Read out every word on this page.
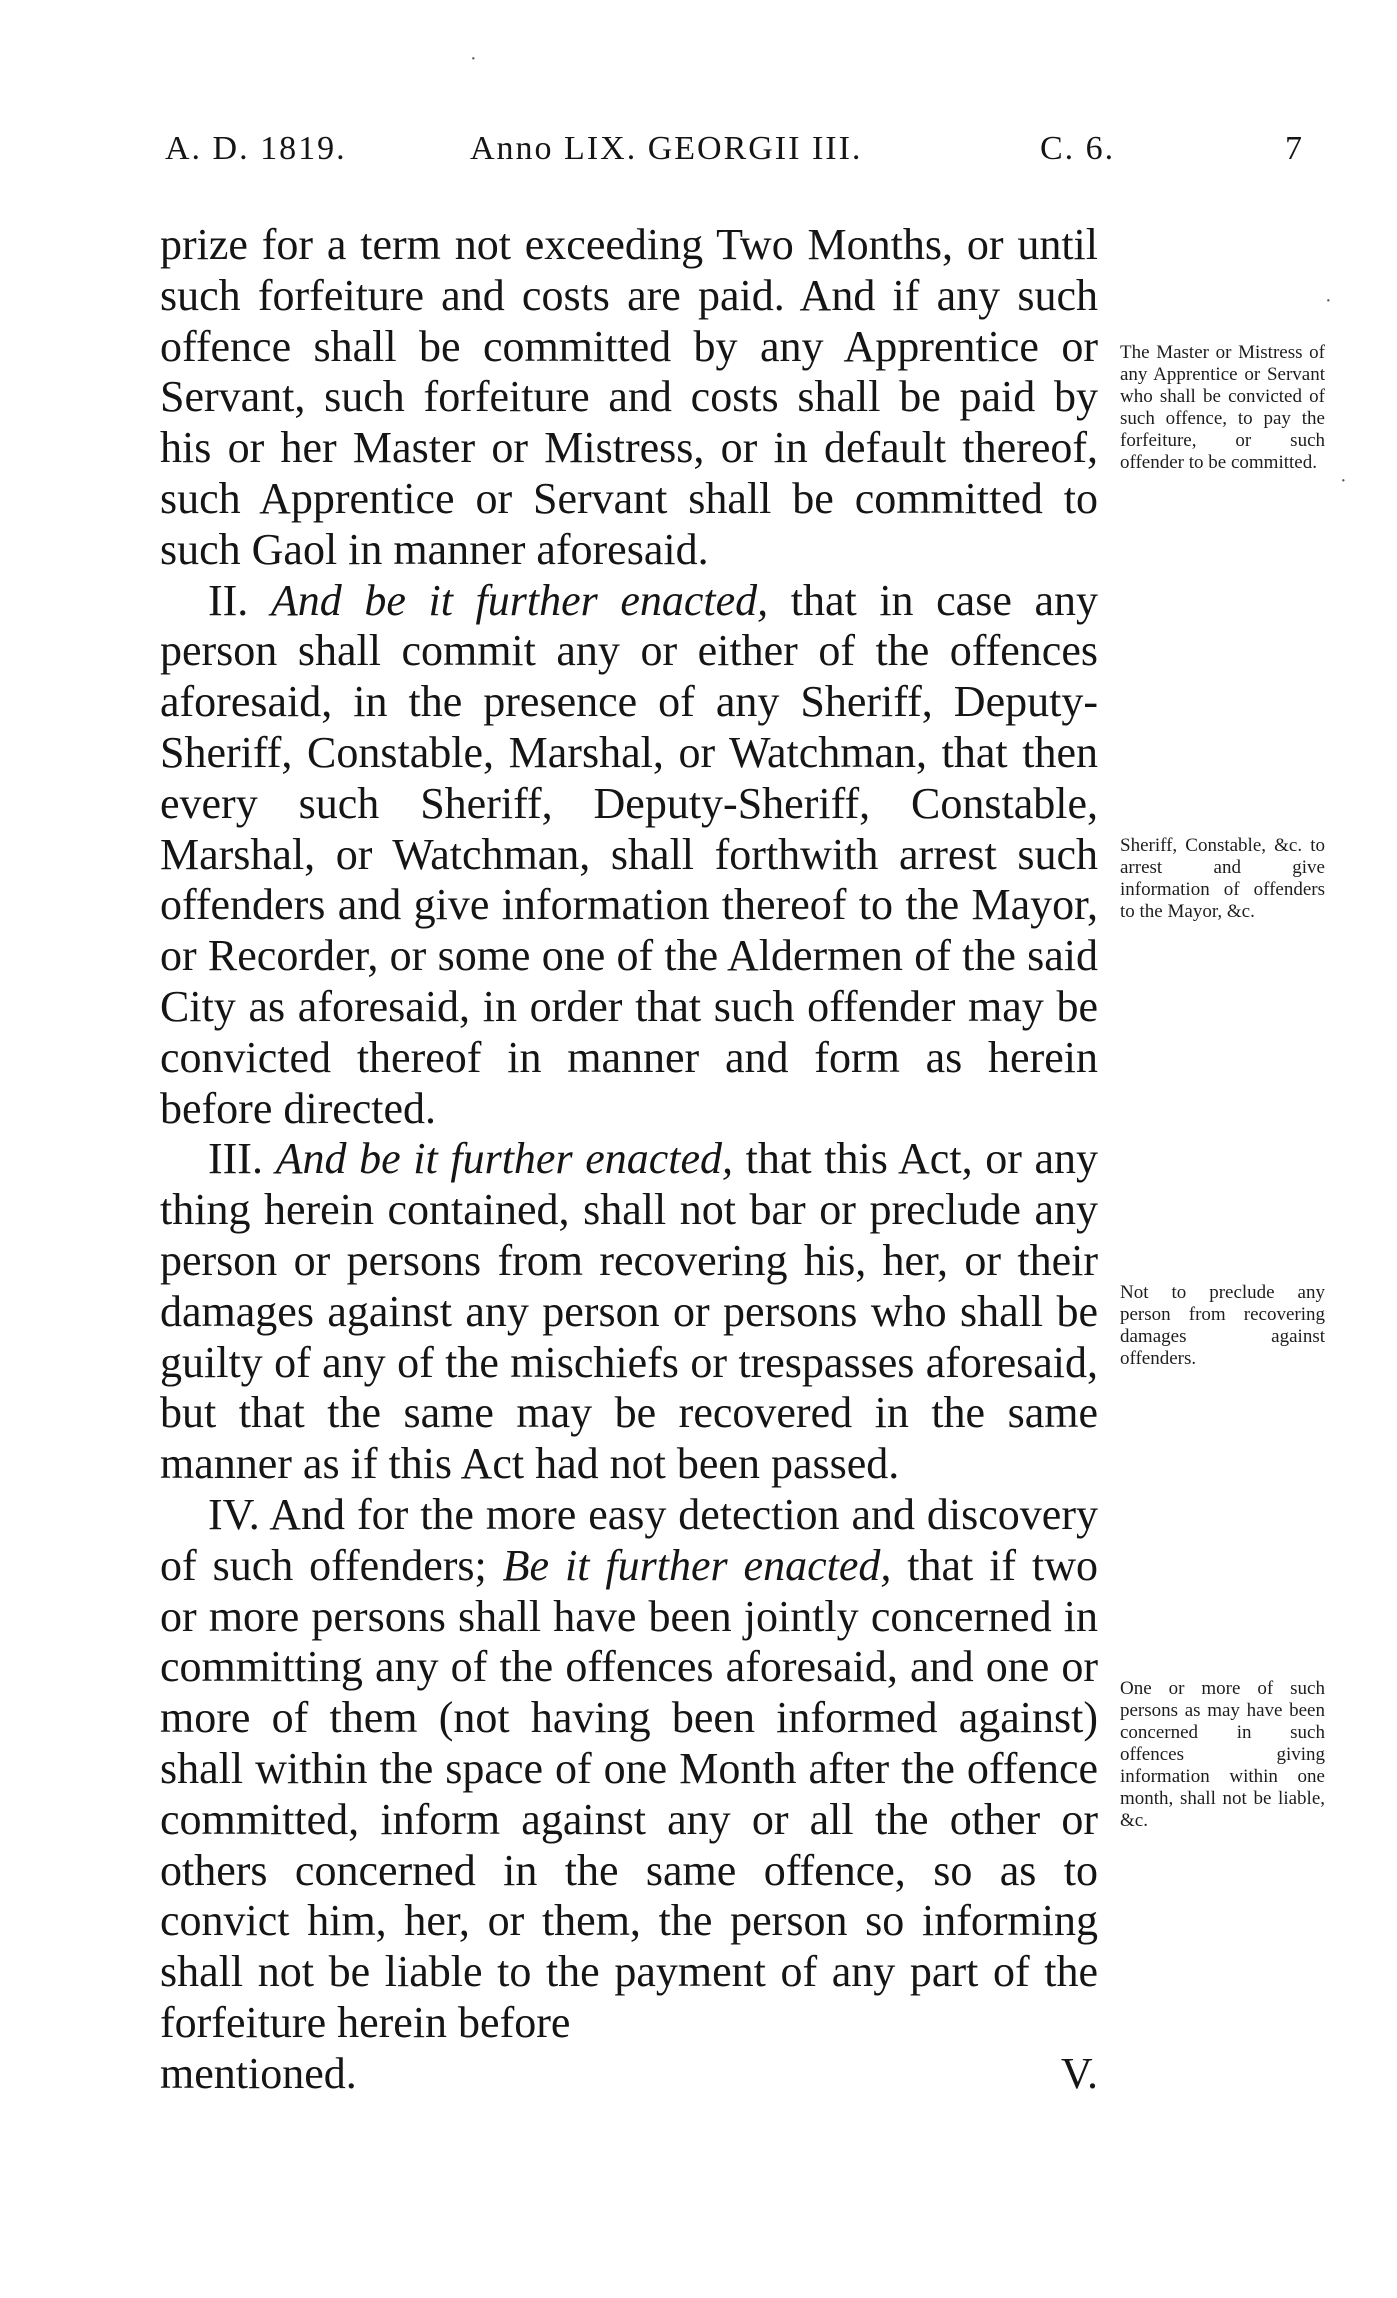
A. D. 1819.	Anno LIX. GEORGII III.	C. 6.	7

prize for a term not exceeding Two Months, or until such forfeiture and costs are paid. And if any such offence shall be committed by any Apprentice or Servant, such forfeiture and costs shall be paid by his or her Master or Mistress, or in default thereof, such Apprentice or Servant shall be committed to such Gaol in manner aforesaid.

II. And be it further enacted, that in case any person shall commit any or either of the offences aforesaid, in the presence of any Sheriff, Deputy-Sheriff, Constable, Marshal, or Watchman, that then every such Sheriff, Deputy-Sheriff, Constable, Marshal, or Watchman, shall forthwith arrest such offenders and give information thereof to the Mayor, or Recorder, or some one of the Aldermen of the said City as aforesaid, in order that such offender may be convicted thereof in manner and form as herein before directed.

III. And be it further enacted, that this Act, or any thing herein contained, shall not bar or preclude any person or persons from recovering his, her, or their damages against any person or persons who shall be guilty of any of the mischiefs or trespasses aforesaid, but that the same may be recovered in the same manner as if this Act had not been passed.

IV. And for the more easy detection and discovery of such offenders; Be it further enacted, that if two or more persons shall have been jointly concerned in committing any of the offences aforesaid, and one or more of them (not having been informed against) shall within the space of one Month after the offence committed, inform against any or all the other or others concerned in the same offence, so as to convict him, her, or them, the person so informing shall not be liable to the payment of any part of the forfeiture herein before

mentioned.	V.
The Master or Mistress of any Apprentice or Servant who shall be convicted of such offence, to pay the forfeiture, or such offender to be committed.
Sheriff, Constable, &c. to arrest and give information of offenders to the Mayor, &c.
Not to preclude any person from recovering damages against offenders.
One or more of such persons as may have been concerned in such offences giving information within one month, shall not be liable, &c.
·
·
·
